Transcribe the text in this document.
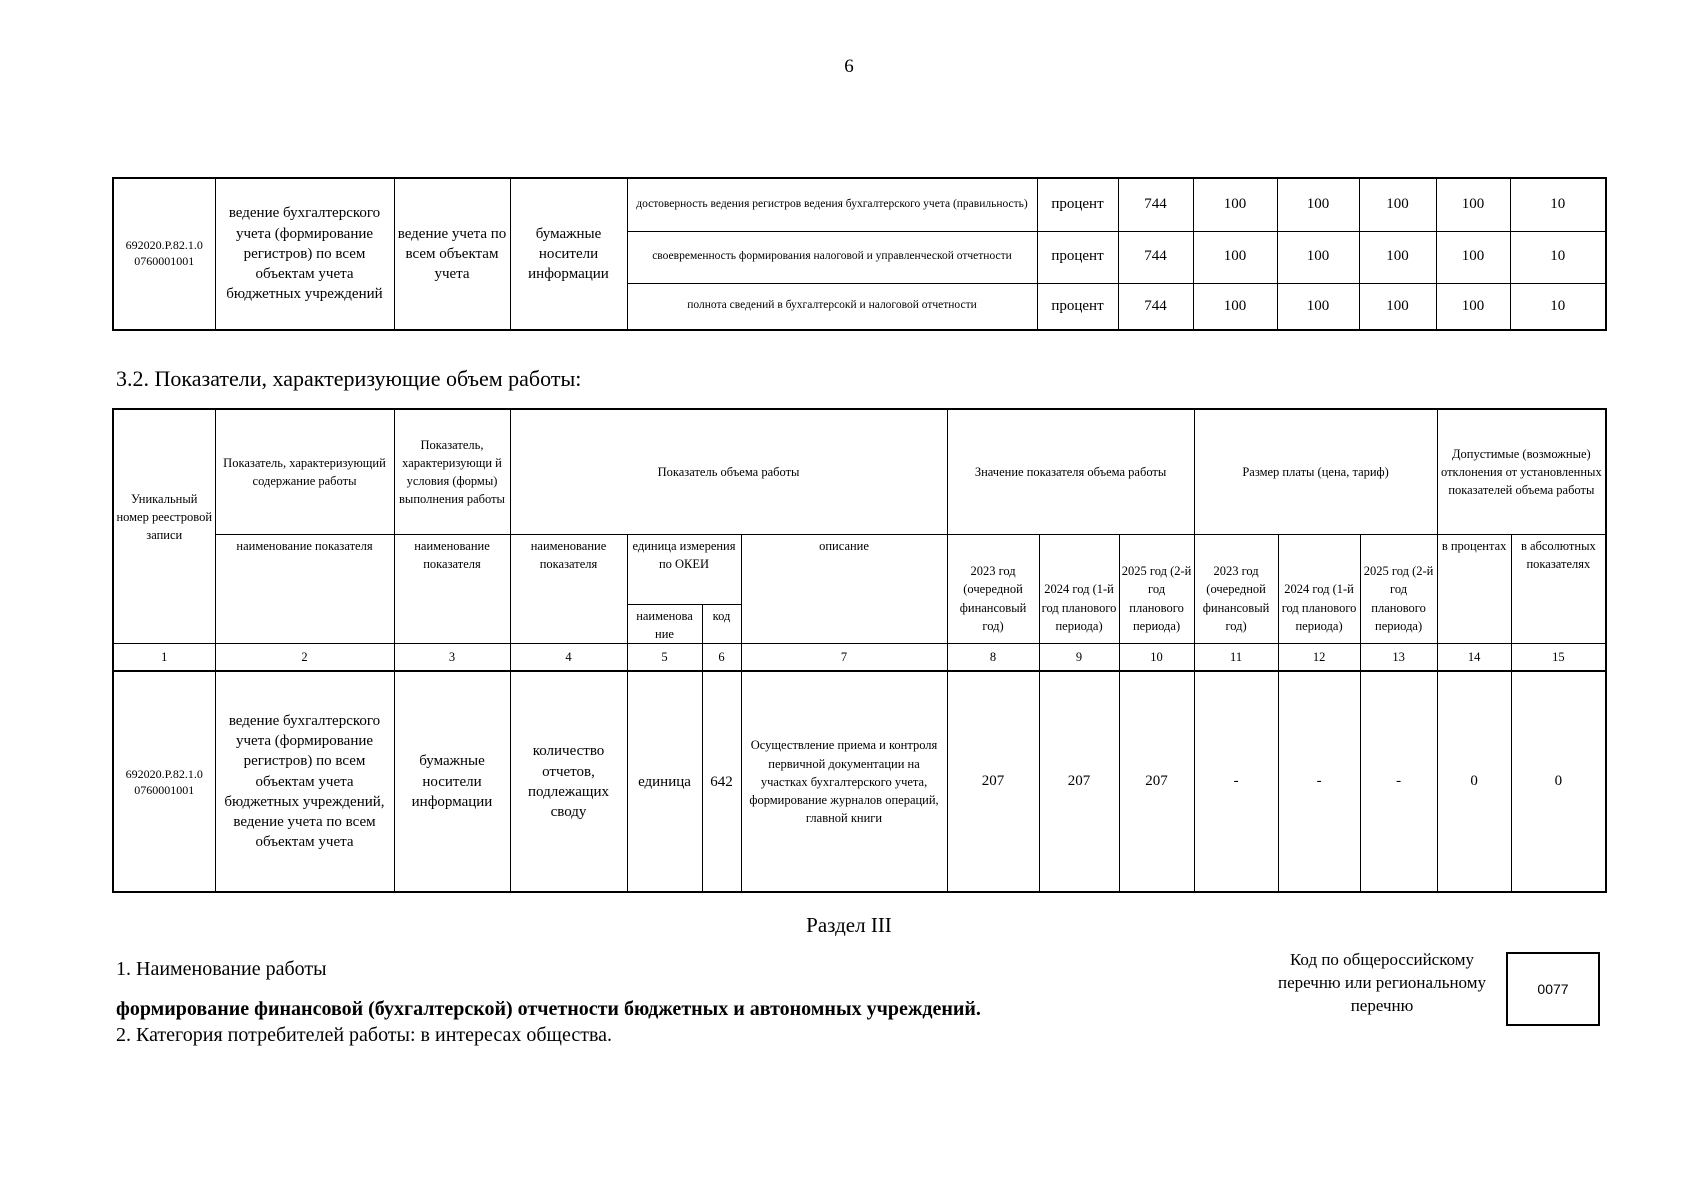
6
692020.Р.82.1.0 0760001001	ведение бухгалтерского учета (формирование регистров) по всем объектам учета бюджетных учреждений	ведение учета по всем объектам учета	бумажные носители информации	достоверность ведения регистров ведения бухгалтерского учета (правильность)	процент	744	100	100	100	100	10
				своевременность формирования налоговой и управленческой отчетности	процент	744	100	100	100	100	10
				полнота сведений в бухгалтерсокй и налоговой отчетности	процент	744	100	100	100	100	10
3.2. Показатели, характеризующие объем работы:
Уникальный номер реестровой записи	Показатель, характеризующий содержание работы	Показатель, характеризующи й условия (формы) выполнения работы	Показатель объема работы				Значение показателя объема работы			Размер платы (цена, тариф)			Допустимые (возможные) отклонения от установленных показателей объема работы	
	наименование показателя	наименование показателя	наименование показателя	единица измерения по ОКЕИ		описание	2023 год (очередной финансовый год)	2024 год (1-й год планового периода)	2025 год (2-й год планового периода)	2023 год (очередной финансовый год)	2024 год (1-й год планового периода)	2025 год (2-й год планового периода)	в процентах	в абсолютных показателях
				наименова ние	код									
1	2	3	4	5	6	7	8	9	10	11	12	13	14	15
692020.Р.82.1.0 0760001001	ведение бухгалтерского учета (формирование регистров) по всем объектам учета бюджетных учреждений, ведение учета по всем объектам учета	бумажные носители информации	количество отчетов, подлежащих своду	единица	642	Осуществление приема и контроля первичной документации на участках бухгалтерского учета, формирование журналов операций, главной книги	207	207	207	-	-	-	0	0
Раздел III
1. Наименование работы
формирование финансовой (бухгалтерской) отчетности бюджетных и автономных учреждений.
2. Категория потребителей работы: в интересах общества.
Код по общероссийскому перечню или региональному перечню
0077
